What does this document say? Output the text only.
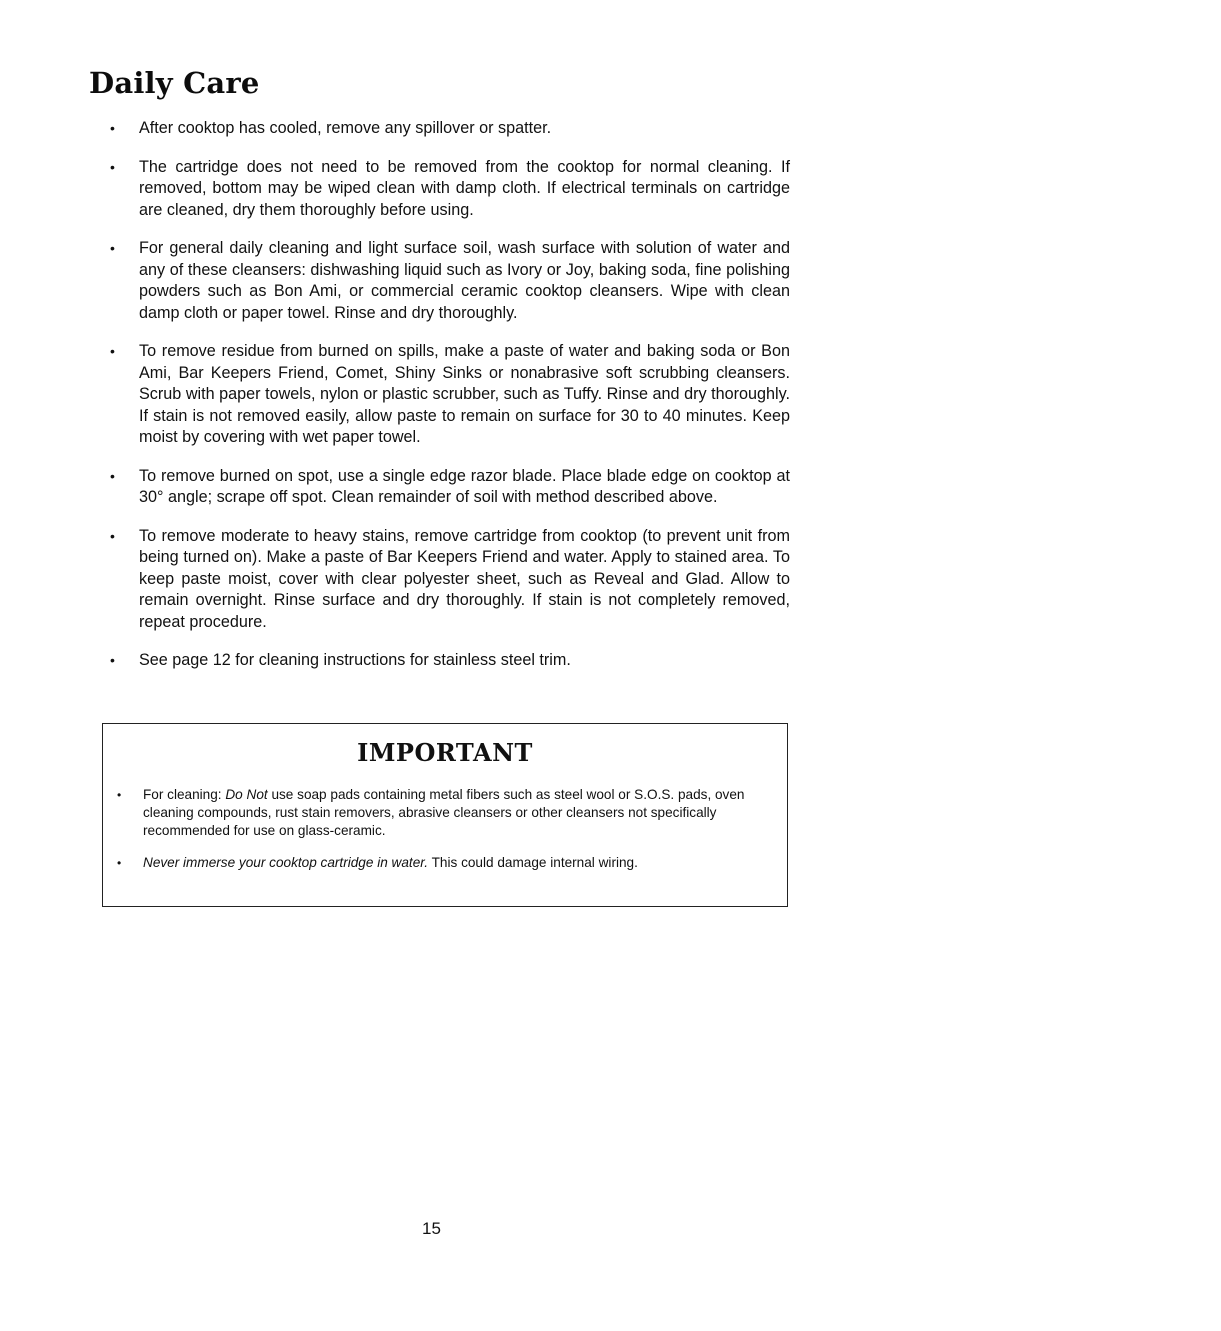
Daily Care
• After cooktop has cooled, remove any spillover or spatter.
• The cartridge does not need to be removed from the cooktop for normal cleaning. If removed, bottom may be wiped clean with damp cloth. If electrical terminals on cartridge are cleaned, dry them thoroughly before using.
• For general daily cleaning and light surface soil, wash surface with solution of water and any of these cleansers: dishwashing liquid such as Ivory or Joy, baking soda, fine polishing powders such as Bon Ami, or commercial ceramic cooktop cleansers. Wipe with clean damp cloth or paper towel. Rinse and dry thoroughly.
• To remove residue from burned on spills, make a paste of water and baking soda or Bon Ami, Bar Keepers Friend, Comet, Shiny Sinks or nonabrasive soft scrubbing cleansers. Scrub with paper towels, nylon or plastic scrubber, such as Tuffy. Rinse and dry thoroughly. If stain is not removed easily, allow paste to remain on surface for 30 to 40 minutes. Keep moist by covering with wet paper towel.
• To remove burned on spot, use a single edge razor blade. Place blade edge on cooktop at 30° angle; scrape off spot. Clean remainder of soil with method described above.
• To remove moderate to heavy stains, remove cartridge from cooktop (to prevent unit from being turned on). Make a paste of Bar Keepers Friend and water. Apply to stained area. To keep paste moist, cover with clear polyester sheet, such as Reveal and Glad. Allow to remain overnight. Rinse surface and dry thoroughly. If stain is not completely removed, repeat procedure.
• See page 12 for cleaning instructions for stainless steel trim.
IMPORTANT
• For cleaning: Do Not use soap pads containing metal fibers such as steel wool or S.O.S. pads, oven cleaning compounds, rust stain removers, abrasive cleansers or other cleansers not specifically recommended for use on glass-ceramic.
• Never immerse your cooktop cartridge in water. This could damage internal wiring.

15
